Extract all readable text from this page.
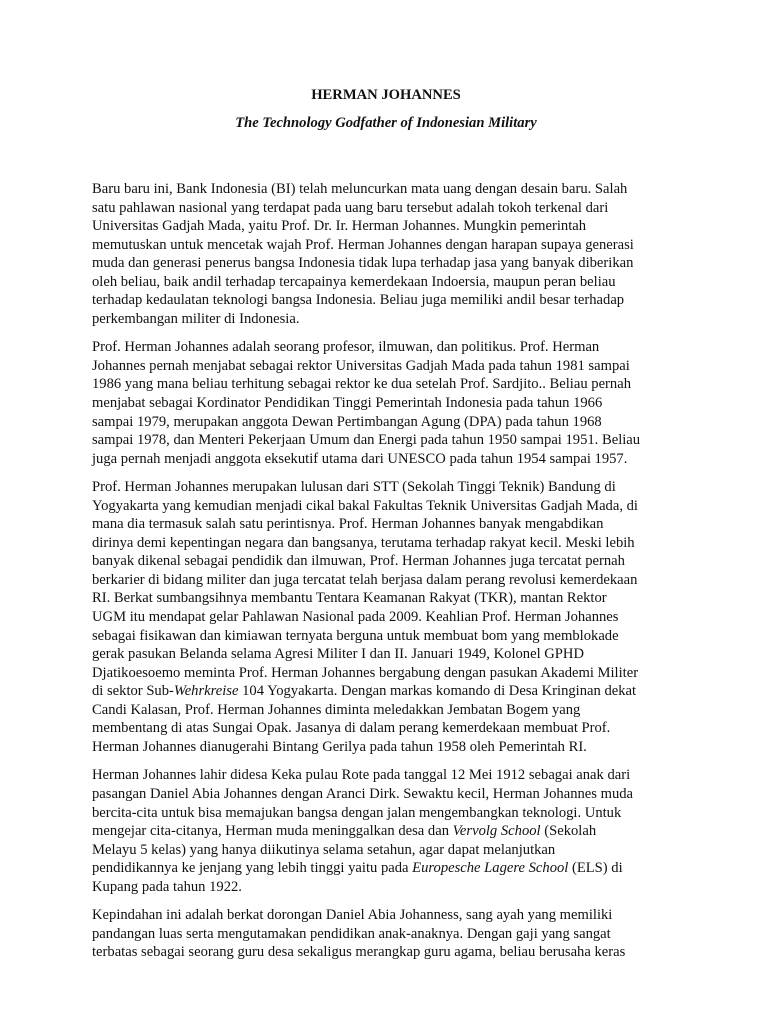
HERMAN JOHANNES
The Technology Godfather of Indonesian Military

Baru baru ini, Bank Indonesia (BI) telah meluncurkan mata uang dengan desain baru. Salah
satu pahlawan nasional yang terdapat pada uang baru tersebut adalah tokoh terkenal dari
Universitas Gadjah Mada, yaitu Prof. Dr. Ir. Herman Johannes. Mungkin pemerintah
memutuskan untuk mencetak wajah Prof. Herman Johannes dengan harapan supaya generasi
muda dan generasi penerus bangsa Indonesia tidak lupa terhadap jasa yang banyak diberikan
oleh beliau, baik andil terhadap tercapainya kemerdekaan Indoersia, maupun peran beliau
terhadap kedaulatan teknologi bangsa Indonesia. Beliau juga memiliki andil besar terhadap
perkembangan militer di Indonesia.

Prof. Herman Johannes adalah seorang profesor, ilmuwan, dan politikus. Prof. Herman
Johannes pernah menjabat sebagai rektor Universitas Gadjah Mada pada tahun 1981 sampai
1986 yang mana beliau terhitung sebagai rektor ke dua setelah Prof. Sardjito.. Beliau pernah
menjabat sebagai Kordinator Pendidikan Tinggi Pemerintah Indonesia pada tahun 1966
sampai 1979, merupakan anggota Dewan Pertimbangan Agung (DPA) pada tahun 1968
sampai 1978, dan Menteri Pekerjaan Umum dan Energi pada tahun 1950 sampai 1951. Beliau
juga pernah menjadi anggota eksekutif utama dari UNESCO pada tahun 1954 sampai 1957.

Prof. Herman Johannes merupakan lulusan dari STT (Sekolah Tinggi Teknik) Bandung di
Yogyakarta yang kemudian menjadi cikal bakal Fakultas Teknik Universitas Gadjah Mada, di
mana dia termasuk salah satu perintisnya. Prof. Herman Johannes banyak mengabdikan
dirinya demi kepentingan negara dan bangsanya, terutama terhadap rakyat kecil. Meski lebih
banyak dikenal sebagai pendidik dan ilmuwan, Prof. Herman Johannes juga tercatat pernah
berkarier di bidang militer dan juga tercatat telah berjasa dalam perang revolusi kemerdekaan
RI. Berkat sumbangsihnya membantu Tentara Keamanan Rakyat (TKR), mantan Rektor
UGM itu mendapat gelar Pahlawan Nasional pada 2009. Keahlian Prof. Herman Johannes
sebagai fisikawan dan kimiawan ternyata berguna untuk membuat bom yang memblokade
gerak pasukan Belanda selama Agresi Militer I dan II. Januari 1949, Kolonel GPHD
Djatikoesoemo meminta Prof. Herman Johannes bergabung dengan pasukan Akademi Militer
di sektor Sub-Wehrkreise 104 Yogyakarta. Dengan markas komando di Desa Kringinan dekat
Candi Kalasan, Prof. Herman Johannes diminta meledakkan Jembatan Bogem yang
membentang di atas Sungai Opak. Jasanya di dalam perang kemerdekaan membuat Prof.
Herman Johannes dianugerahi Bintang Gerilya pada tahun 1958 oleh Pemerintah RI.

Herman Johannes lahir didesa Keka pulau Rote pada tanggal 12 Mei 1912 sebagai anak dari
pasangan Daniel Abia Johannes dengan Aranci Dirk. Sewaktu kecil, Herman Johannes muda
bercita-cita untuk bisa memajukan bangsa dengan jalan mengembangkan teknologi. Untuk
mengejar cita-citanya, Herman muda meninggalkan desa dan Vervolg School (Sekolah
Melayu 5 kelas) yang hanya diikutinya selama setahun, agar dapat melanjutkan
pendidikannya ke jenjang yang lebih tinggi yaitu pada Europesche Lagere School (ELS) di
Kupang pada tahun 1922.

Kepindahan ini adalah berkat dorongan Daniel Abia Johanness, sang ayah yang memiliki
pandangan luas serta mengutamakan pendidikan anak-anaknya. Dengan gaji yang sangat
terbatas sebagai seorang guru desa sekaligus merangkap guru agama, beliau berusaha keras
